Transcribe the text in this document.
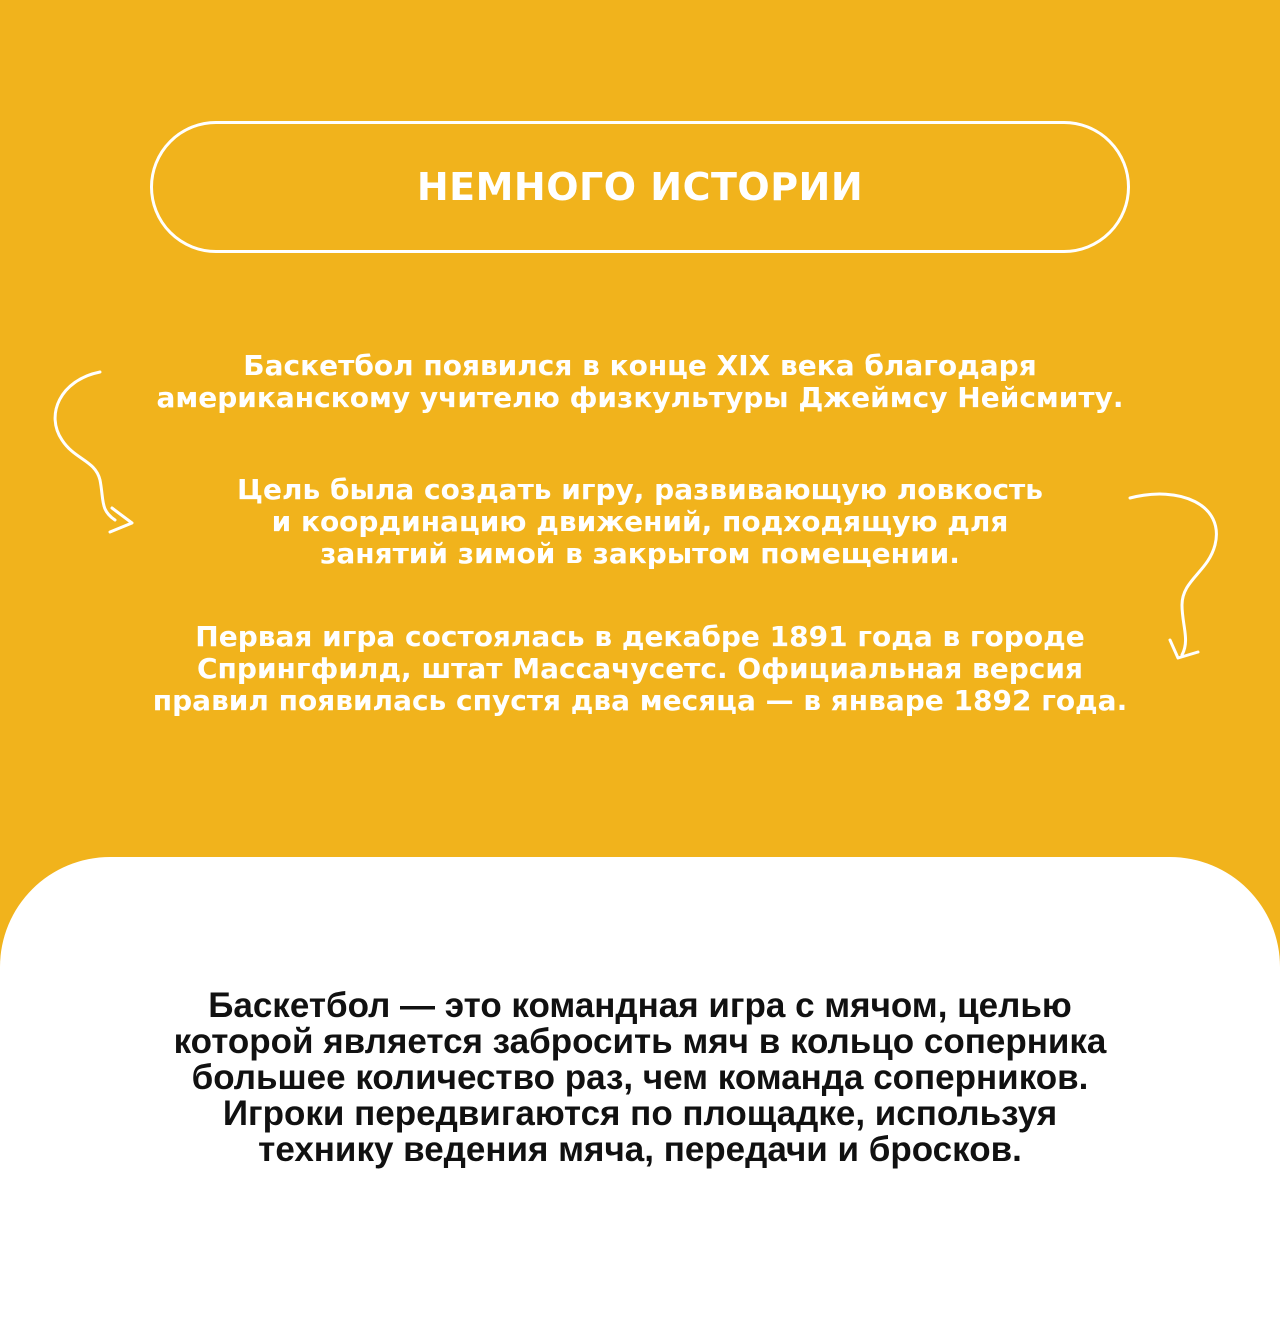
НЕМНОГО ИСТОРИИ
Баскетбол появился в конце XIX века благодаря
американскому учителю физкультуры Джеймсу Нейсмиту.
Цель была создать игру, развивающую ловкость
и координацию движений, подходящую для
занятий зимой в закрытом помещении.
Первая игра состоялась в декабре 1891 года в городе
Спрингфилд, штат Массачусетс. Официальная версия
правил появилась спустя два месяца — в январе 1892 года.
Баскетбол — это командная игра с мячом, целью
которой является забросить мяч в кольцо соперника
большее количество раз, чем команда соперников.
Игроки передвигаются по площадке, используя
технику ведения мяча, передачи и бросков.
